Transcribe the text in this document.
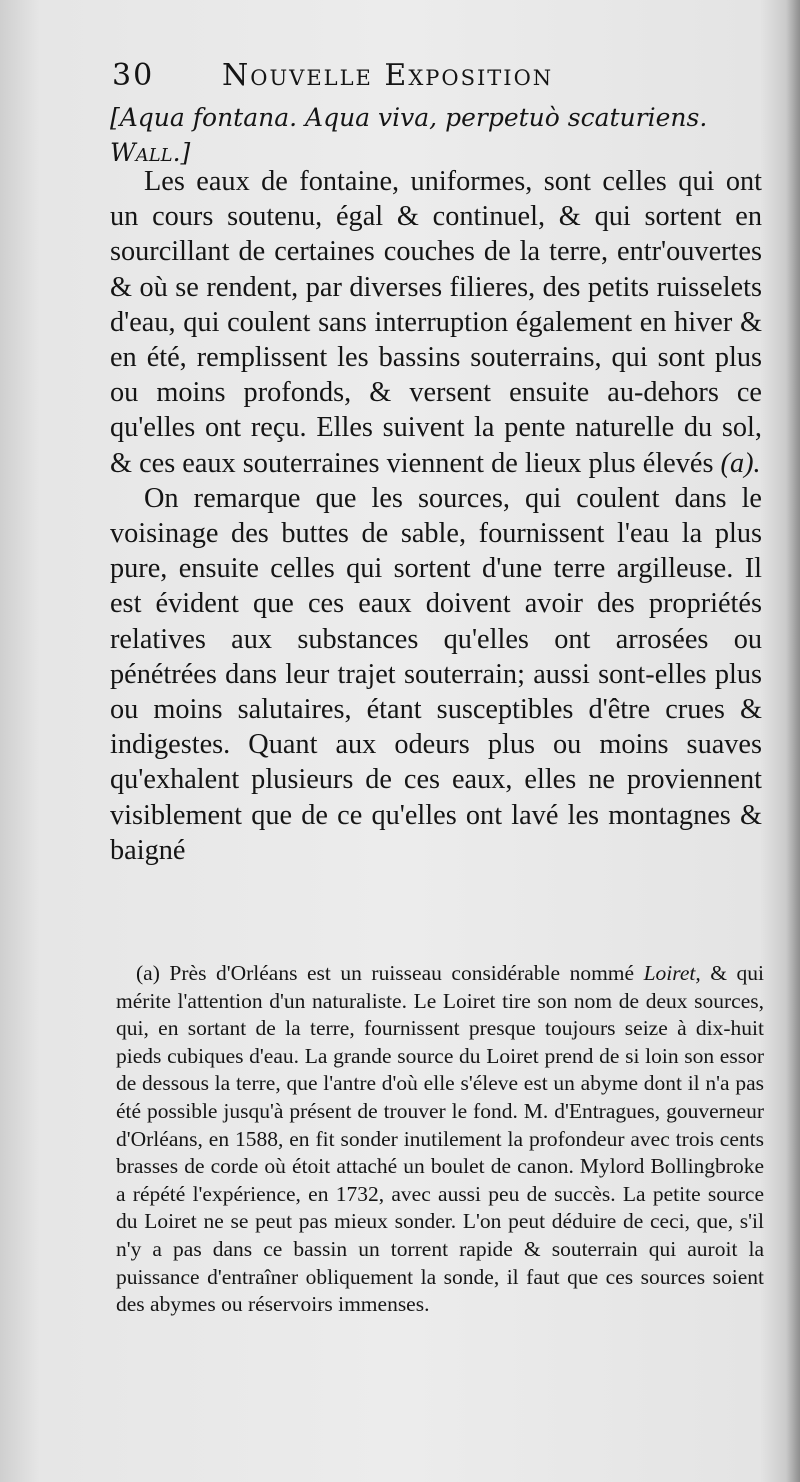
30 Nouvelle Exposition
[Aqua fontana. Aqua viva, perpetuò scaturiens.
Wall.]

Les eaux de fontaine, uniformes, sont celles qui ont un cours soutenu, égal & continuel, & qui sortent en sourcillant de certaines couches de la terre, entr'ouvertes & où se rendent, par diverses filieres, des petits ruisselets d'eau, qui coulent sans interruption également en hiver & en été, remplissent les bassins souterrains, qui sont plus ou moins profonds, & versent ensuite au-dehors ce qu'elles ont reçu. Elles suivent la pente naturelle du sol, & ces eaux souterraines viennent de lieux plus élevés (a).

On remarque que les sources, qui coulent dans le voisinage des buttes de sable, fournissent l'eau la plus pure, ensuite celles qui sortent d'une terre argilleuse. Il est évident que ces eaux doivent avoir des propriétés relatives aux substances qu'elles ont arrosées ou pénétrées dans leur trajet souterrain; aussi sont-elles plus ou moins salutaires, étant susceptibles d'être crues & indigestes. Quant aux odeurs plus ou moins suaves qu'exhalent plusieurs de ces eaux, elles ne proviennent visiblement que de ce qu'elles ont lavé les montagnes & baigné

(a) Près d'Orléans est un ruisseau considérable nommé Loiret, & qui mérite l'attention d'un naturaliste. Le Loiret tire son nom de deux sources, qui, en sortant de la terre, fournissent presque toujours seize à dix-huit pieds cubiques d'eau. La grande source du Loiret prend de si loin son essor de dessous la terre, que l'antre d'où elle s'éleve est un abyme dont il n'a pas été possible jusqu'à présent de trouver le fond. M. d'Entragues, gouverneur d'Orléans, en 1588, en fit sonder inutilement la profondeur avec trois cents brasses de corde où étoit attaché un boulet de canon. Mylord Bollingbroke a répété l'expérience, en 1732, avec aussi peu de succès. La petite source du Loiret ne se peut pas mieux sonder. L'on peut déduire de ceci, que, s'il n'y a pas dans ce bassin un torrent rapide & souterrain qui auroit la puissance d'entraîner obliquement la sonde, il faut que ces sources soient des abymes ou réservoirs immenses.
